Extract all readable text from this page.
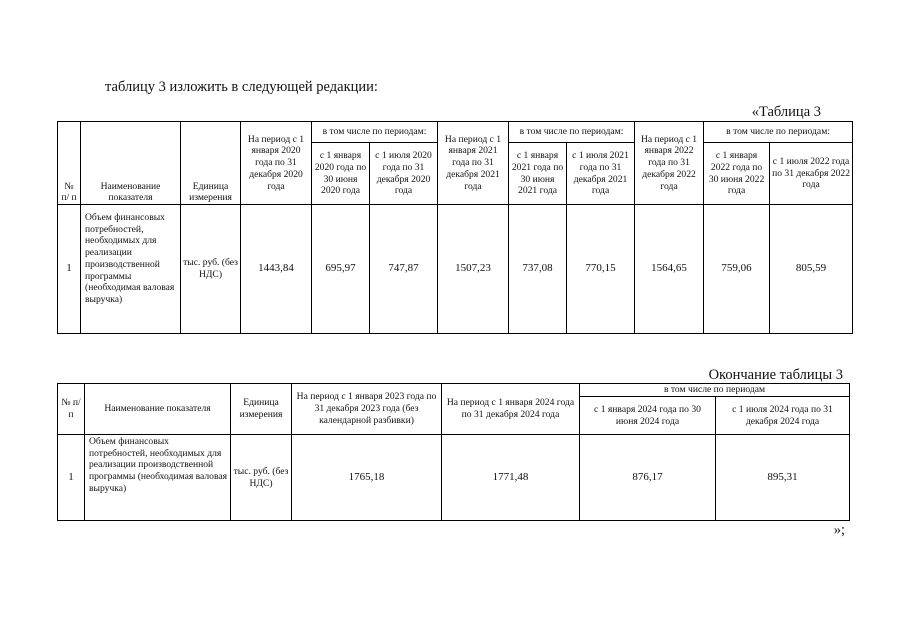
таблицу 3 изложить в следующей редакции:
«Таблица 3
№ п/ п	Наименование показателя	Единица измерения	На период с 1 января 2020 года по 31 декабря 2020 года	в том числе по периодам:		На период с 1 января 2021 года по 31 декабря 2021 года	в том числе по периодам:		На период с 1 января 2022 года по 31 декабря 2022 года	в том числе по периодам:	
				с 1 января 2020 года по 30 июня 2020 года	с 1 июля 2020 года по 31 декабря 2020 года		с 1 января 2021 года по 30 июня 2021 года	с 1 июля 2021 года по 31 декабря 2021 года		с 1 января 2022 года по 30 июня 2022 года	с 1 июля 2022 года по 31 декабря 2022 года
1	Объем финансовых потребностей, необходимых для реализации производственной программы (необходимая валовая выручка)	тыс. руб. (без НДС)	1443,84	695,97	747,87	1507,23	737,08	770,15	1564,65	759,06	805,59
Окончание таблицы 3
№ п/п	Наименование показателя	Единица измерения	На период с 1 января 2023 года по 31 декабря 2023 года (без календарной разбивки)	На период с 1 января 2024 года по 31 декабря 2024 года	в том числе по периодам	
					с 1 января 2024 года по 30 июня 2024 года	с 1 июля 2024 года по 31 декабря 2024 года
1	Объем финансовых потребностей, необходимых для реализации производственной программы (необходимая валовая выручка)	тыс. руб. (без НДС)	1765,18	1771,48	876,17	895,31
»;
